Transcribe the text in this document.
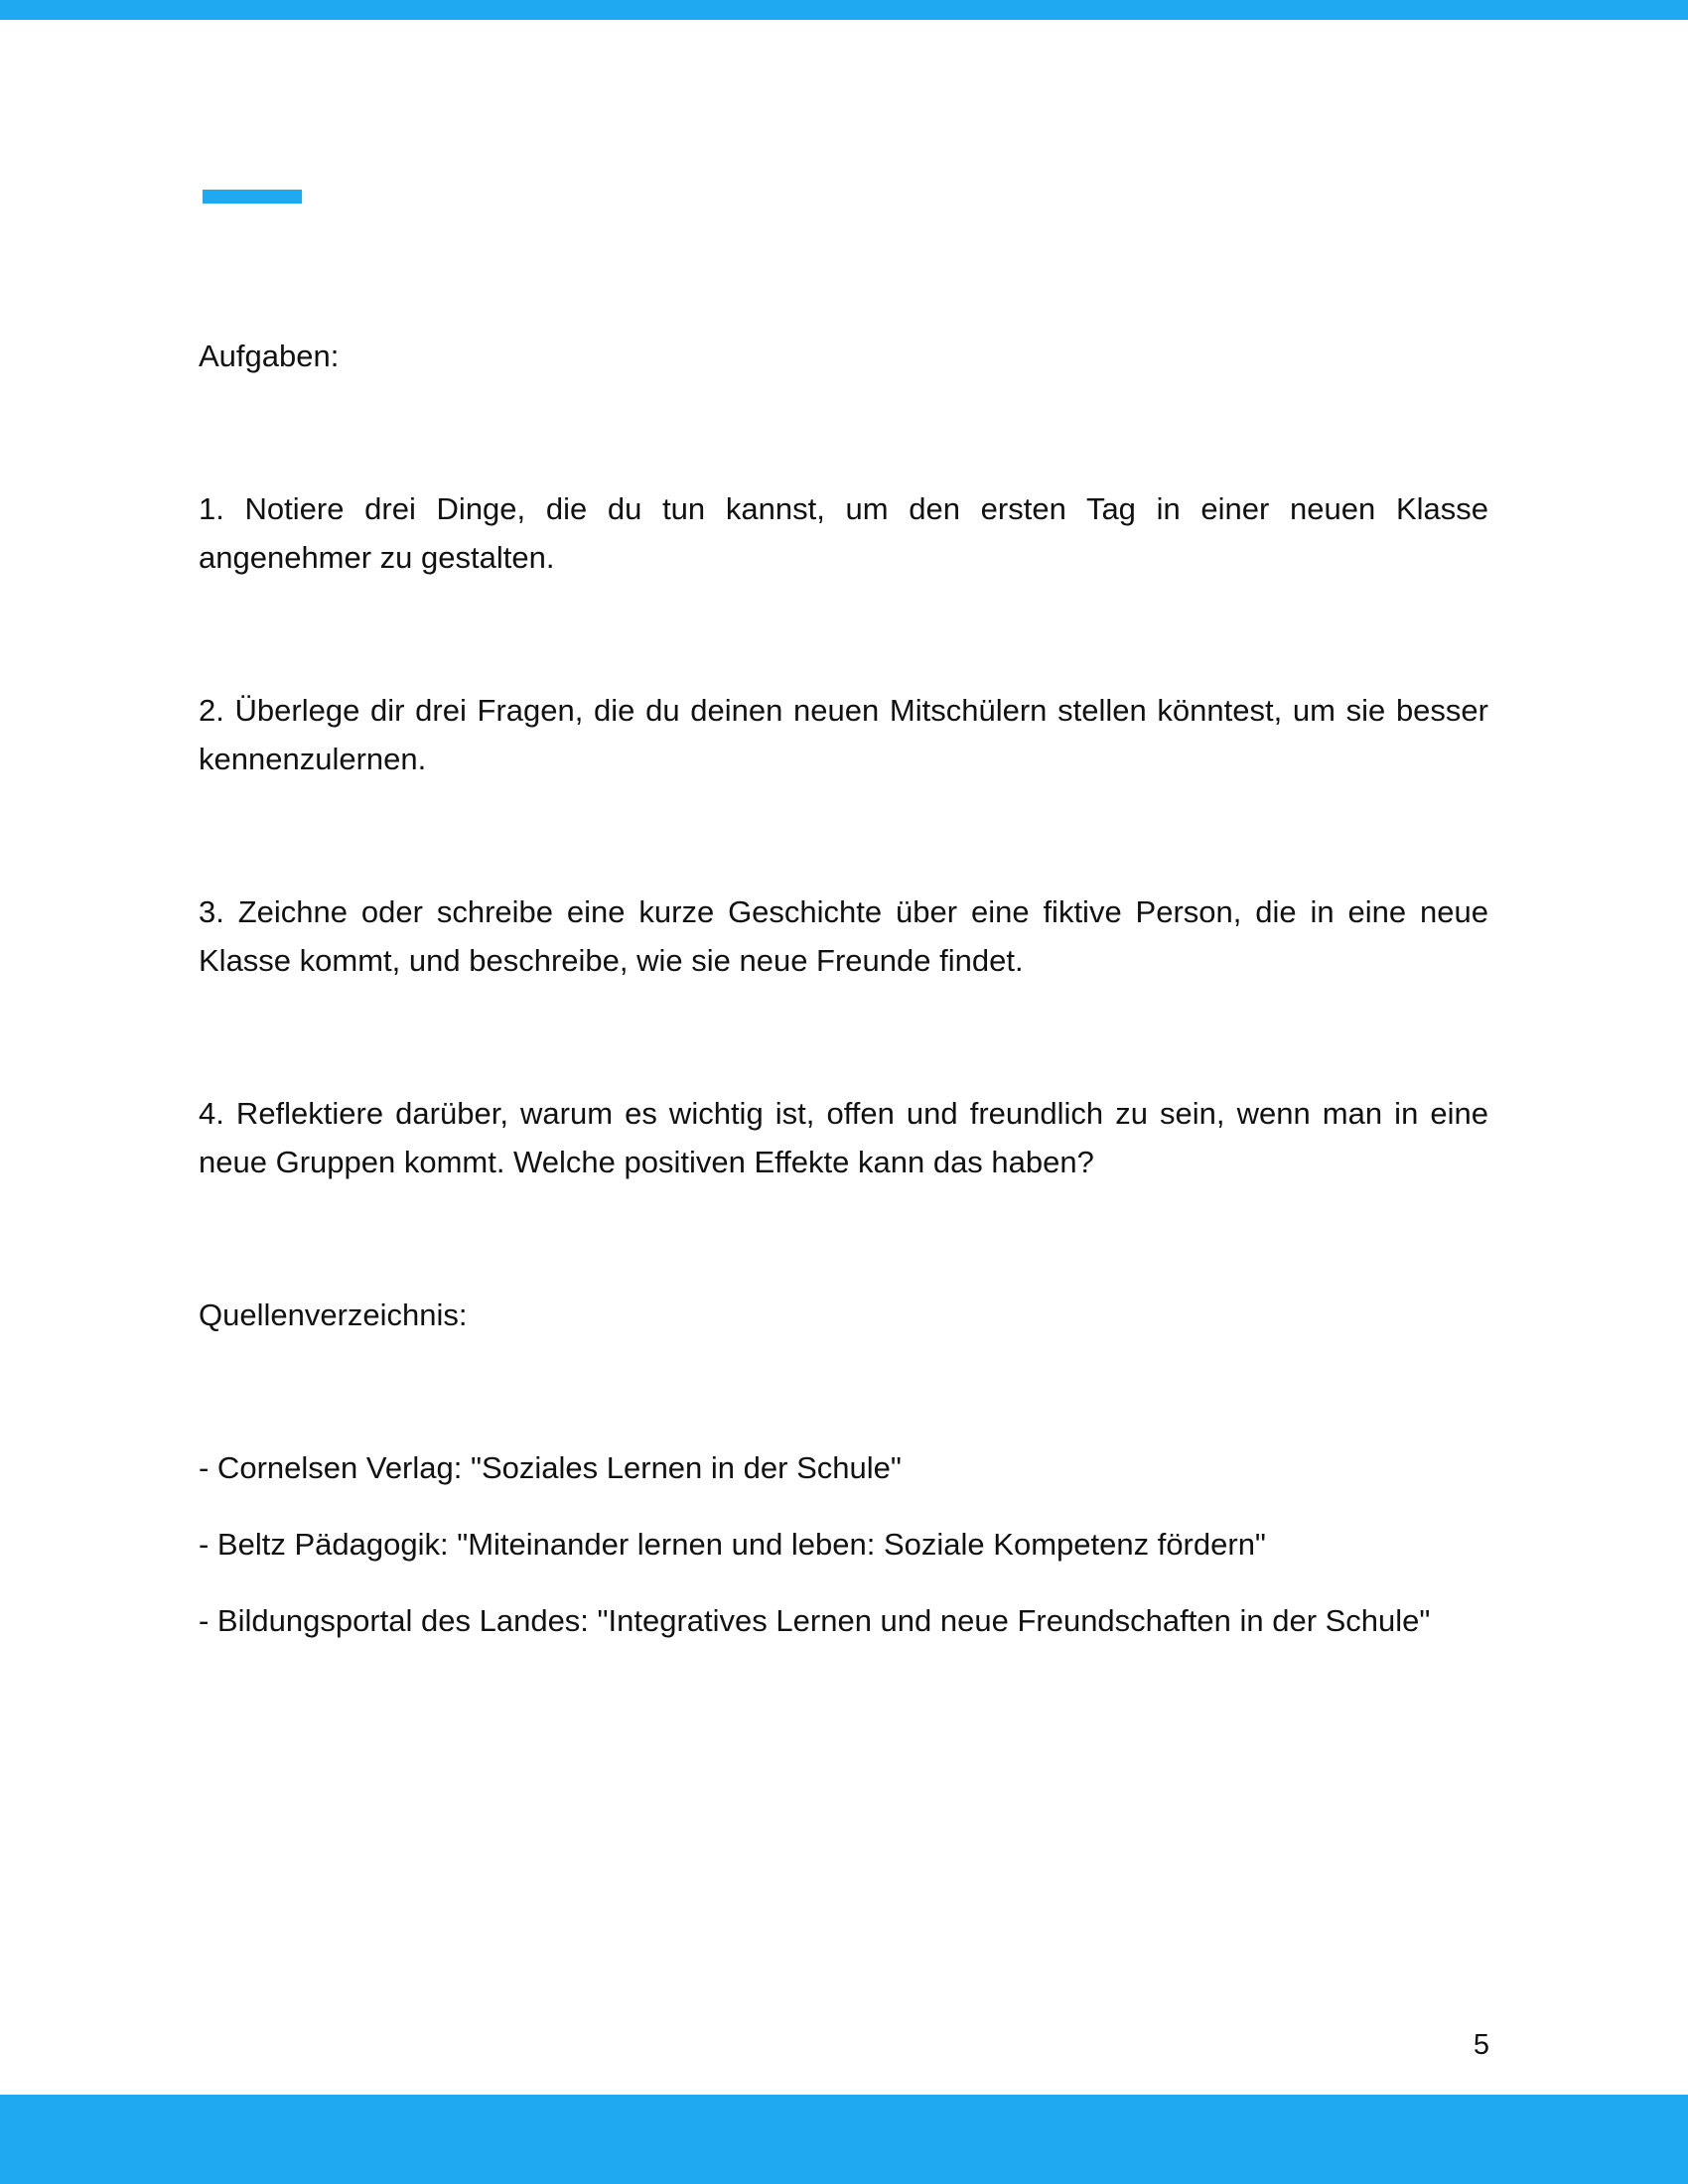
Aufgaben:

1. Notiere drei Dinge, die du tun kannst, um den ersten Tag in einer neuen Klasse angenehmer zu gestalten.

2. Überlege dir drei Fragen, die du deinen neuen Mitschülern stellen könntest, um sie besser kennenzulernen.

3. Zeichne oder schreibe eine kurze Geschichte über eine fiktive Person, die in eine neue Klasse kommt, und beschreibe, wie sie neue Freunde findet.

4. Reflektiere darüber, warum es wichtig ist, offen und freundlich zu sein, wenn man in eine neue Gruppen kommt. Welche positiven Effekte kann das haben?

Quellenverzeichnis:

- Cornelsen Verlag: "Soziales Lernen in der Schule"

- Beltz Pädagogik: "Miteinander lernen und leben: Soziale Kompetenz fördern"

- Bildungsportal des Landes: "Integratives Lernen und neue Freundschaften in der Schule"

5
